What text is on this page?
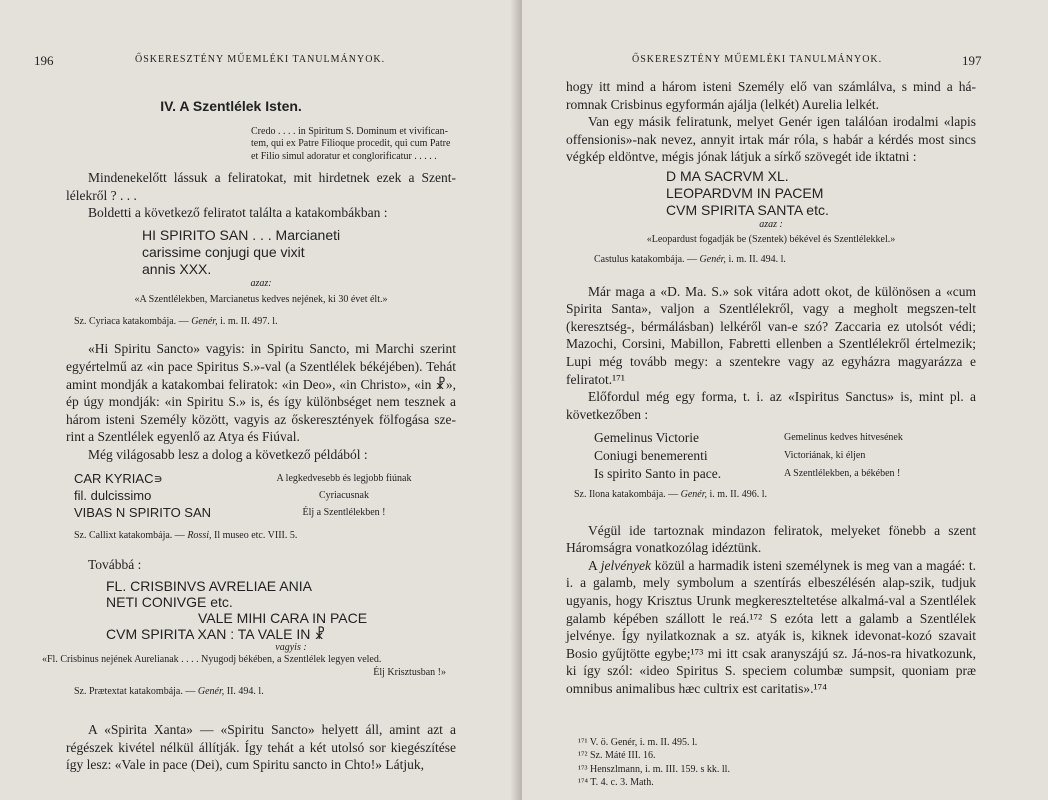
196	ŐSKERESZTÉNY MŰEMLÉKI TANULMÁNYOK.
IV. A Szentlélek Isten.
Credo . . . . in Spiritum S. Dominum et vivifican-
tem, qui ex Patre Filioque procedit, qui cum Patre
et Filio simul adoratur et conglorificatur . . . . .

Mindenekelőtt lássuk a feliratokat, mit hirdetnek ezek a Szent-lélekről ? . . .

Boldetti a következő feliratot találta a katakombákban :

HI SPIRITO SAN . . . Marcianeti
carissime conjugi que vixit
annis XXX.
azaz:
«A Szentlélekben, Marcianetus kedves nejének, ki 30 évet élt.»
Sz. Cyriaca katakombája. — Genér, i. m. II. 497. l.

«Hi Spiritu Sancto» vagyis: in Spiritu Sancto, mi Marchi szerint egyértelmű az «in pace Spiritus S.»-val (a Szentlélek békéjében). Tehát amint mondják a katakombai feliratok: «in Deo», «in Christo», «in ☧», ép úgy mondják: «in Spiritu S.» is, és így különbséget nem tesznek a három isteni Személy között, vagyis az őskeresztények fölfogása sze-rint a Szentlélek egyenlő az Atya és Fiúval.

Még világosabb lesz a dolog a következő példából :

CAR KYRIAC∍
fil. dulcissimo
VIBAS N SPIRITO SAN
A legkedvesebb és legjobb fiúnak
Cyriacusnak
Élj a Szentlélekben !
Sz. Callixt katakombája. — Rossi, Il museo etc. VIII. 5.

Továbbá :

FL. CRISBINVS AVRELIAE ANIA
NETI CONIVGE etc.
VALE MIHI CARA IN PACE
CVM SPIRITA XAN : TA VALE IN ☧
vagyis :
«Fl. Crisbinus nejének Aurelianak . . . . Nyugodj békében, a Szentlélek legyen veled.
Élj Krisztusban !»
Sz. Prætextat katakombája. — Genér, II. 494. l.

A «Spirita Xanta» — «Spiritu Sancto» helyett áll, amint azt a régészek kivétel nélkül állítják. Így tehát a két utolsó sor kiegészítése így lesz: «Vale in pace (Dei), cum Spiritu sancto in Chto!» Látjuk,

ŐSKERESZTÉNY MŰEMLÉKI TANULMÁNYOK.	197

hogy itt mind a három isteni Személy elő van számlálva, s mind a há-romnak Crisbinus egyformán ajálja (lelkét) Aurelia lelkét.

Van egy másik feliratunk, melyet Genér igen találóan irodalmi «lapis offensionis»-nak nevez, annyit irtak már róla, s habár a kérdés most sincs végkép eldöntve, mégis jónak látjuk a sírkő szövegét ide iktatni :

D MA SACRVM XL.
LEOPARDVM IN PACEM
CVM SPIRITA SANTA etc.
azaz :
«Leopardust fogadják be (Szentek) békével és Szentlélekkel.»
Castulus katakombája. — Genér, i. m. II. 494. l.

Már maga a «D. Ma. S.» sok vitára adott okot, de különösen a «cum Spirita Santa», valjon a Szentlélekről, vagy a megholt megszen-telt (keresztség-, bérmálásban) lelkéről van-e szó? Zaccaria ez utolsót védi; Mazochi, Corsini, Mabillon, Fabretti ellenben a Szentlélekről értelmezik; Lupi még tovább megy: a szentekre vagy az egyházra magyarázza e feliratot.¹⁷¹

Előfordul még egy forma, t. i. az «Ispiritus Sanctus» is, mint pl. a következőben :

Gemelinus Victorie
Coniugi benemerenti
Is spirito Santo in pace.
Gemelinus kedves hitvesének
Victoriának, ki éljen
A Szentlélekben, a békében !
Sz. Ilona katakombája. — Genér, i. m. II. 496. l.

Végül ide tartoznak mindazon feliratok, melyeket fönebb a szent Háromságra vonatkozólag idéztünk.

A jelvények közül a harmadik isteni személynek is meg van a magáé: t. i. a galamb, mely symbolum a szentírás elbeszélésén alap-szik, tudjuk ugyanis, hogy Krisztus Urunk megkereszteltetése alkalmá-val a Szentlélek galamb képében szállott le reá.¹⁷² S ezóta lett a galamb a Szentlélek jelvénye. Így nyilatkoznak a sz. atyák is, kiknek idevonat-kozó szavait Bosio gyűjtötte egybe;¹⁷³ mi itt csak aranyszájú sz. Já-nos-ra hivatkozunk, ki így szól: «ideo Spiritus S. speciem columbæ sumpsit, quoniam præ omnibus animalibus hæc cultrix est caritatis».¹⁷⁴

¹⁷¹ V. ö. Genér, i. m. II. 495. l.
¹⁷² Sz. Máté III. 16.
¹⁷³ Henszlmann, i. m. III. 159. s kk. ll.
¹⁷⁴ T. 4. c. 3. Math.
